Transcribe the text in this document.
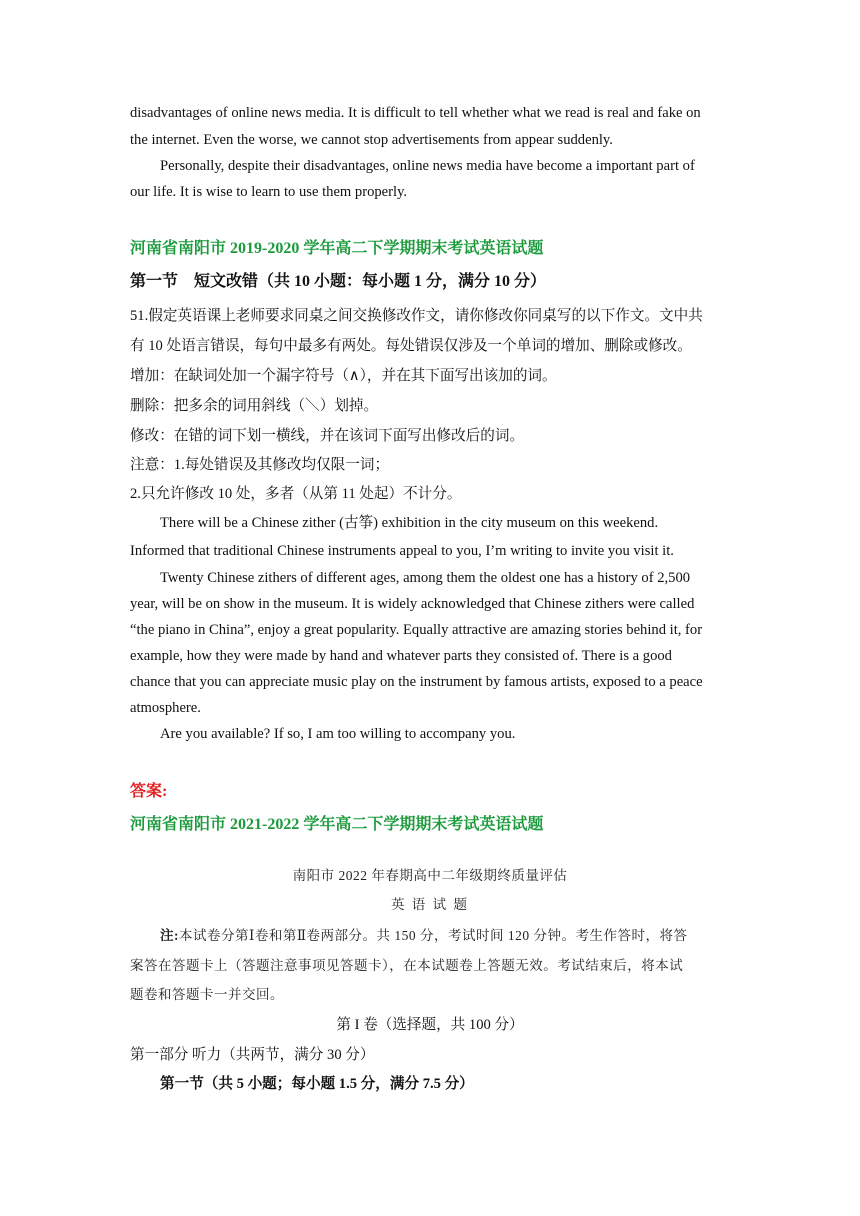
disadvantages of online news media. It is difficult to tell whether what we read is real and fake on
the internet. Even the worse, we cannot stop advertisements from appear suddenly.
Personally, despite their disadvantages, online news media have become a important part of
our life. It is wise to learn to use them properly.
河南省南阳市 2019-2020 学年高二下学期期末考试英语试题
第一节　短文改错（共 10 小题：每小题 1 分，满分 10 分）
51.假定英语课上老师要求同桌之间交换修改作文，请你修改你同桌写的以下作文。文中共
有 10 处语言错误，每句中最多有两处。每处错误仅涉及一个单词的增加、删除或修改。
增加：在缺词处加一个漏字符号（∧），并在其下面写出该加的词。
删除：把多余的词用斜线（＼）划掉。
修改：在错的词下划一横线，并在该词下面写出修改后的词。
注意：1.每处错误及其修改均仅限一词；
2.只允许修改 10 处，多者（从第 11 处起）不计分。
There will be a Chinese zither (古筝) exhibition in the city museum on this weekend.
Informed that traditional Chinese instruments appeal to you, I’m writing to invite you visit it.
Twenty Chinese zithers of different ages, among them the oldest one has a history of 2,500
year, will be on show in the museum. It is widely acknowledged that Chinese zithers were called
“the piano in China”, enjoy a great popularity. Equally attractive are amazing stories behind it, for
example, how they were made by hand and whatever parts they consisted of. There is a good
chance that you can appreciate music play on the instrument by famous artists, exposed to a peace
atmosphere.
Are you available? If so, I am too willing to accompany you.
答案:
河南省南阳市 2021-2022 学年高二下学期期末考试英语试题
南阳市 2022 年春期高中二年级期终质量评估
英 语 试 题
注:本试卷分第Ⅰ卷和第Ⅱ卷两部分。共 150 分，考试时间 120 分钟。考生作答时，将答
案答在答题卡上（答题注意事项见答题卡），在本试题卷上答题无效。考试结束后，将本试
题卷和答题卡一并交回。
第 I 卷（选择题，共 100 分）
第一部分 听力（共两节，满分 30 分）
第一节（共 5 小题；每小题 1.5 分，满分 7.5 分）
